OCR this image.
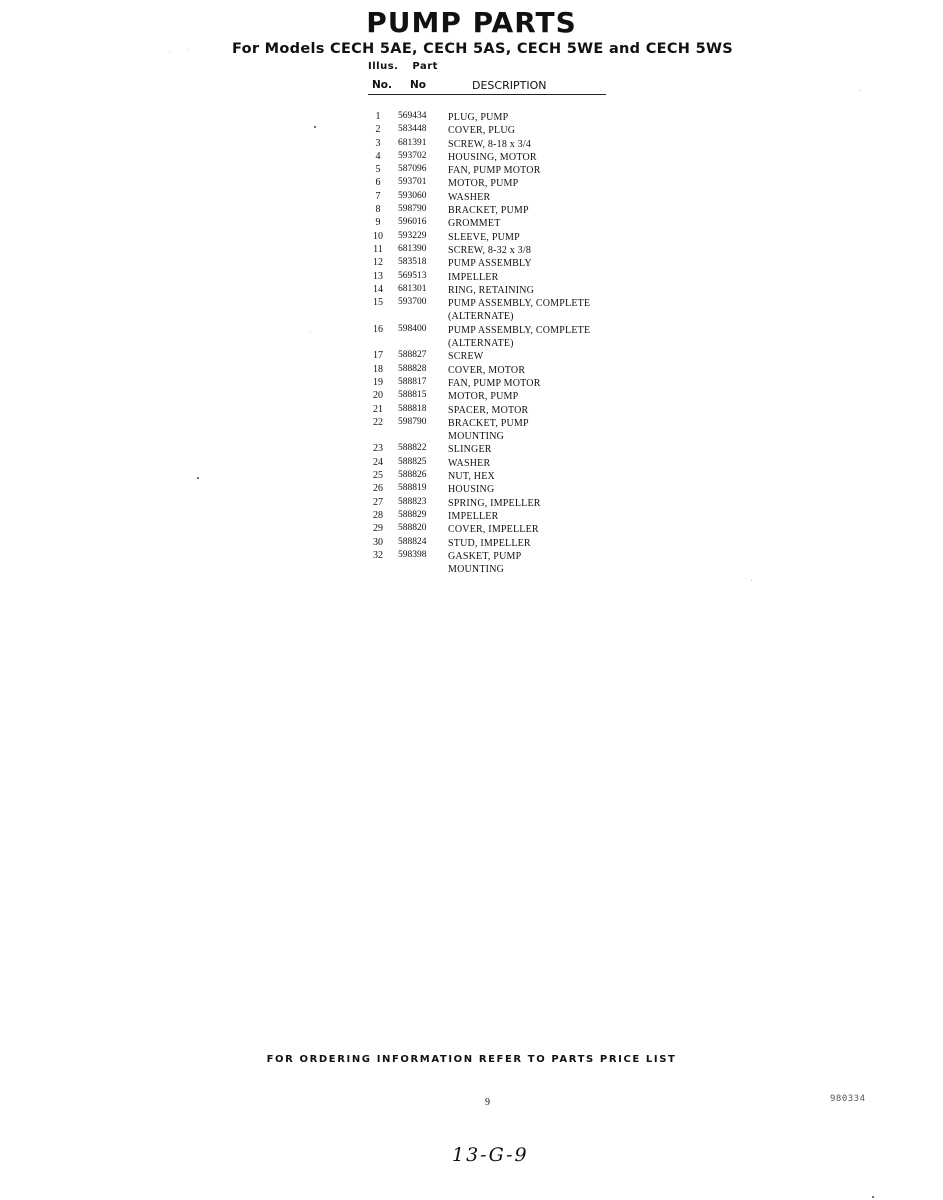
PUMP PARTS
For Models CECH 5AE, CECH 5AS, CECH 5WE and CECH 5WS
Illus. Part
No. No	DESCRIPTION
1	569434 PLUG, PUMP
2	583448 COVER, PLUG
3	681391 SCREW, 8-18 x 3/4
4	593702 HOUSING, MOTOR
5	587096 FAN, PUMP MOTOR
6	593701 MOTOR, PUMP
7	593060 WASHER
8	598790 BRACKET, PUMP
9	596016 GROMMET
10	593229 SLEEVE, PUMP
11	681390 SCREW, 8-32 x 3/8
12	583518 PUMP ASSEMBLY
13	569513 IMPELLER
14	681301 RING, RETAINING
15	593700 PUMP ASSEMBLY, COMPLETE
(ALTERNATE)
16	598400 PUMP ASSEMBLY, COMPLETE
(ALTERNATE)
17	588827 SCREW
18	588828 COVER, MOTOR
19	588817 FAN, PUMP MOTOR
20	588815 MOTOR, PUMP
21	588818 SPACER, MOTOR
22	598790 BRACKET, PUMP
MOUNTING
23	588822 SLINGER
24	588825 WASHER
25	588826 NUT, HEX
26	588819 HOUSING
27	588823 SPRING, IMPELLER
28	588829 IMPELLER
29	588820 COVER, IMPELLER
30	588824 STUD, IMPELLER
32	598398 GASKET, PUMP
MOUNTING
FOR ORDERING INFORMATION REFER TO PARTS PRICE LIST
9	980334
13-G-9
